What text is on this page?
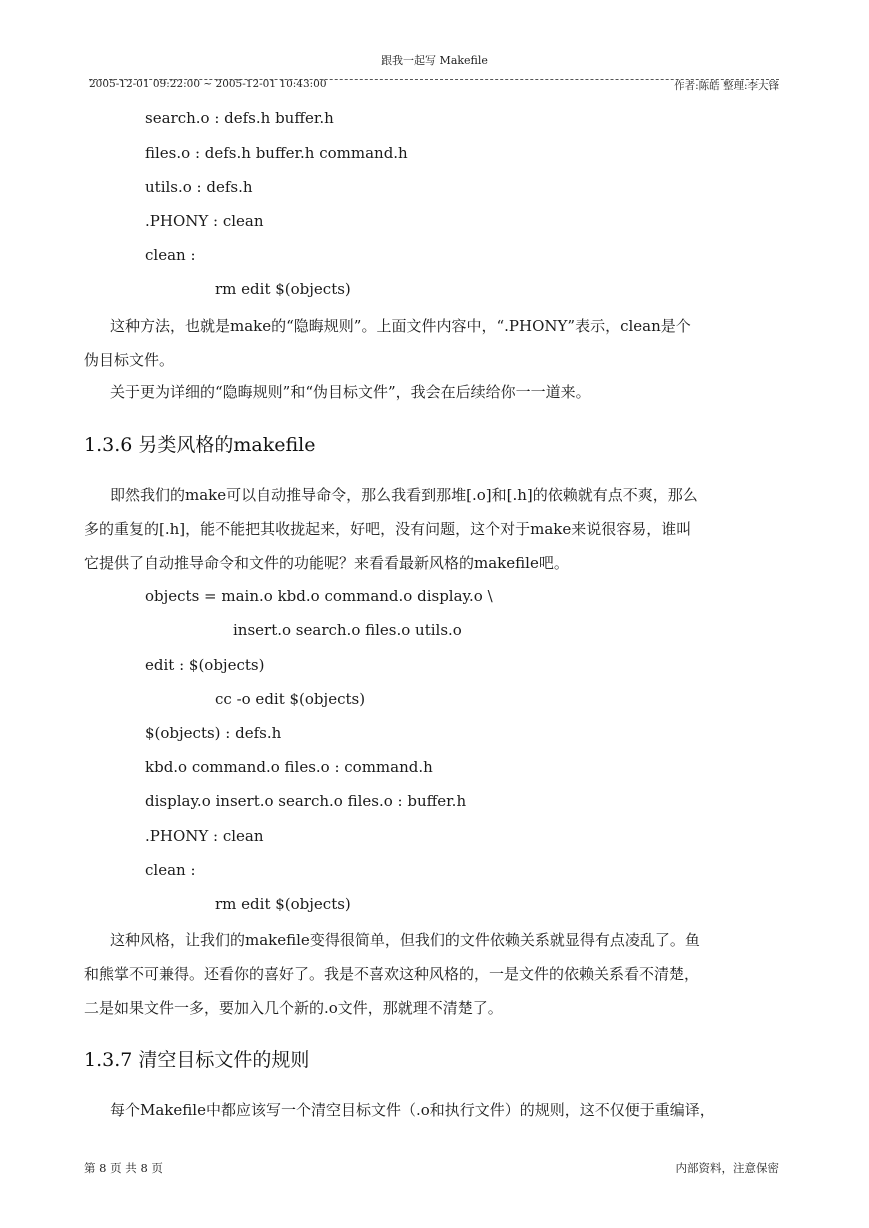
跟我一起写 Makefile
2005-12-01 09:22:00 ~ 2005-12-01 10:43:00	作者:陈皓 整理:李大锋
search.o : defs.h buffer.h
files.o : defs.h buffer.h command.h
utils.o : defs.h
.PHONY : clean
clean :
rm edit $(objects)
这种方法，也就是make的“隐晦规则”。上面文件内容中，“.PHONY”表示，clean是个
伪目标文件。
关于更为详细的“隐晦规则”和“伪目标文件”，我会在后续给你一一道来。
1.3.6 另类风格的makefile
即然我们的make可以自动推导命令，那么我看到那堆[.o]和[.h]的依赖就有点不爽，那么
多的重复的[.h]，能不能把其收拢起来，好吧，没有问题，这个对于make来说很容易，谁叫
它提供了自动推导命令和文件的功能呢？来看看最新风格的makefile吧。
objects = main.o kbd.o command.o display.o \
insert.o search.o files.o utils.o
edit : $(objects)
cc -o edit $(objects)
$(objects) : defs.h
kbd.o command.o files.o : command.h
display.o insert.o search.o files.o : buffer.h
.PHONY : clean
clean :
rm edit $(objects)
这种风格，让我们的makefile变得很简单，但我们的文件依赖关系就显得有点凌乱了。鱼
和熊掌不可兼得。还看你的喜好了。我是不喜欢这种风格的，一是文件的依赖关系看不清楚，
二是如果文件一多，要加入几个新的.o文件，那就理不清楚了。
1.3.7 清空目标文件的规则
每个Makefile中都应该写一个清空目标文件（.o和执行文件）的规则，这不仅便于重编译，
第 8 页 共 8 页	内部资料，注意保密
